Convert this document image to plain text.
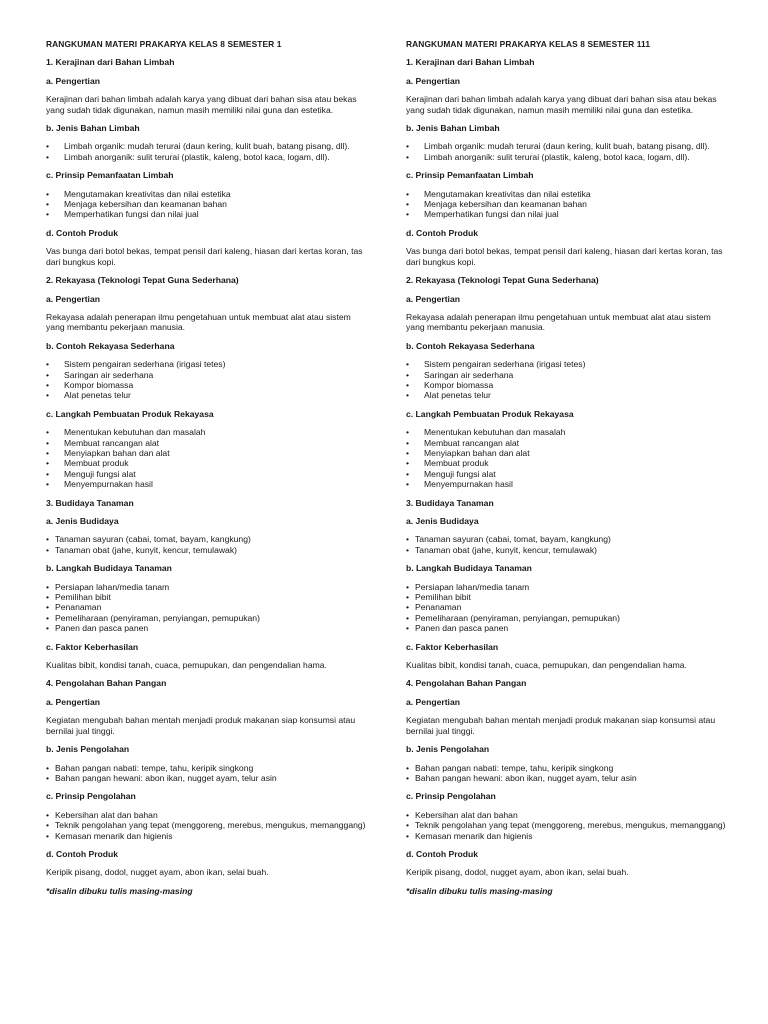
RANGKUMAN MATERI PRAKARYA KELAS 8 SEMESTER 1
1. Kerajinan dari Bahan Limbah
a. Pengertian
Kerajinan dari bahan limbah adalah karya yang dibuat dari bahan sisa atau bekas yang sudah tidak digunakan, namun masih memiliki nilai guna dan estetika.
b. Jenis Bahan Limbah
• Limbah organik: mudah terurai (daun kering, kulit buah, batang pisang, dll).
• Limbah anorganik: sulit terurai (plastik, kaleng, botol kaca, logam, dll).
c. Prinsip Pemanfaatan Limbah
• Mengutamakan kreativitas dan nilai estetika
• Menjaga kebersihan dan keamanan bahan
• Memperhatikan fungsi dan nilai jual
d. Contoh Produk
Vas bunga dari botol bekas, tempat pensil dari kaleng, hiasan dari kertas koran, tas dari bungkus kopi.
2. Rekayasa (Teknologi Tepat Guna Sederhana)
a. Pengertian
Rekayasa adalah penerapan ilmu pengetahuan untuk membuat alat atau sistem yang membantu pekerjaan manusia.
b. Contoh Rekayasa Sederhana
• Sistem pengairan sederhana (irigasi tetes)
• Saringan air sederhana
• Kompor biomassa
• Alat penetas telur
c. Langkah Pembuatan Produk Rekayasa
• Menentukan kebutuhan dan masalah
• Membuat rancangan alat
• Menyiapkan bahan dan alat
• Membuat produk
• Menguji fungsi alat
• Menyempurnakan hasil
3. Budidaya Tanaman
a. Jenis Budidaya
• Tanaman sayuran (cabai, tomat, bayam, kangkung)
• Tanaman obat (jahe, kunyit, kencur, temulawak)
b. Langkah Budidaya Tanaman
• Persiapan lahan/media tanam
• Pemilihan bibit
• Penanaman
• Pemeliharaan (penyiraman, penyiangan, pemupukan)
• Panen dan pasca panen
c. Faktor Keberhasilan
Kualitas bibit, kondisi tanah, cuaca, pemupukan, dan pengendalian hama.
4. Pengolahan Bahan Pangan
a. Pengertian
Kegiatan mengubah bahan mentah menjadi produk makanan siap konsumsi atau bernilai jual tinggi.
b. Jenis Pengolahan
• Bahan pangan nabati: tempe, tahu, keripik singkong
• Bahan pangan hewani: abon ikan, nugget ayam, telur asin
c. Prinsip Pengolahan
• Kebersihan alat dan bahan
• Teknik pengolahan yang tepat (menggoreng, merebus, mengukus, memanggang)
• Kemasan menarik dan higienis
d. Contoh Produk
Keripik pisang, dodol, nugget ayam, abon ikan, selai buah.
*disalin dibuku tulis masing-masing
RANGKUMAN MATERI PRAKARYA KELAS 8 SEMESTER 111
1. Kerajinan dari Bahan Limbah
a. Pengertian
Kerajinan dari bahan limbah adalah karya yang dibuat dari bahan sisa atau bekas yang sudah tidak digunakan, namun masih memiliki nilai guna dan estetika.
b. Jenis Bahan Limbah
• Limbah organik: mudah terurai (daun kering, kulit buah, batang pisang, dll).
• Limbah anorganik: sulit terurai (plastik, kaleng, botol kaca, logam, dll).
c. Prinsip Pemanfaatan Limbah
• Mengutamakan kreativitas dan nilai estetika
• Menjaga kebersihan dan keamanan bahan
• Memperhatikan fungsi dan nilai jual
d. Contoh Produk
Vas bunga dari botol bekas, tempat pensil dari kaleng, hiasan dari kertas koran, tas dari bungkus kopi.
2. Rekayasa (Teknologi Tepat Guna Sederhana)
a. Pengertian
Rekayasa adalah penerapan ilmu pengetahuan untuk membuat alat atau sistem yang membantu pekerjaan manusia.
b. Contoh Rekayasa Sederhana
• Sistem pengairan sederhana (irigasi tetes)
• Saringan air sederhana
• Kompor biomassa
• Alat penetas telur
c. Langkah Pembuatan Produk Rekayasa
• Menentukan kebutuhan dan masalah
• Membuat rancangan alat
• Menyiapkan bahan dan alat
• Membuat produk
• Menguji fungsi alat
• Menyempurnakan hasil
3. Budidaya Tanaman
a. Jenis Budidaya
• Tanaman sayuran (cabai, tomat, bayam, kangkung)
• Tanaman obat (jahe, kunyit, kencur, temulawak)
b. Langkah Budidaya Tanaman
• Persiapan lahan/media tanam
• Pemilihan bibit
• Penanaman
• Pemeliharaan (penyiraman, penyiangan, pemupukan)
• Panen dan pasca panen
c. Faktor Keberhasilan
Kualitas bibit, kondisi tanah, cuaca, pemupukan, dan pengendalian hama.
4. Pengolahan Bahan Pangan
a. Pengertian
Kegiatan mengubah bahan mentah menjadi produk makanan siap konsumsi atau bernilai jual tinggi.
b. Jenis Pengolahan
• Bahan pangan nabati: tempe, tahu, keripik singkong
• Bahan pangan hewani: abon ikan, nugget ayam, telur asin
c. Prinsip Pengolahan
• Kebersihan alat dan bahan
• Teknik pengolahan yang tepat (menggoreng, merebus, mengukus, memanggang)
• Kemasan menarik dan higienis
d. Contoh Produk
Keripik pisang, dodol, nugget ayam, abon ikan, selai buah.
*disalin dibuku tulis masing-masing
